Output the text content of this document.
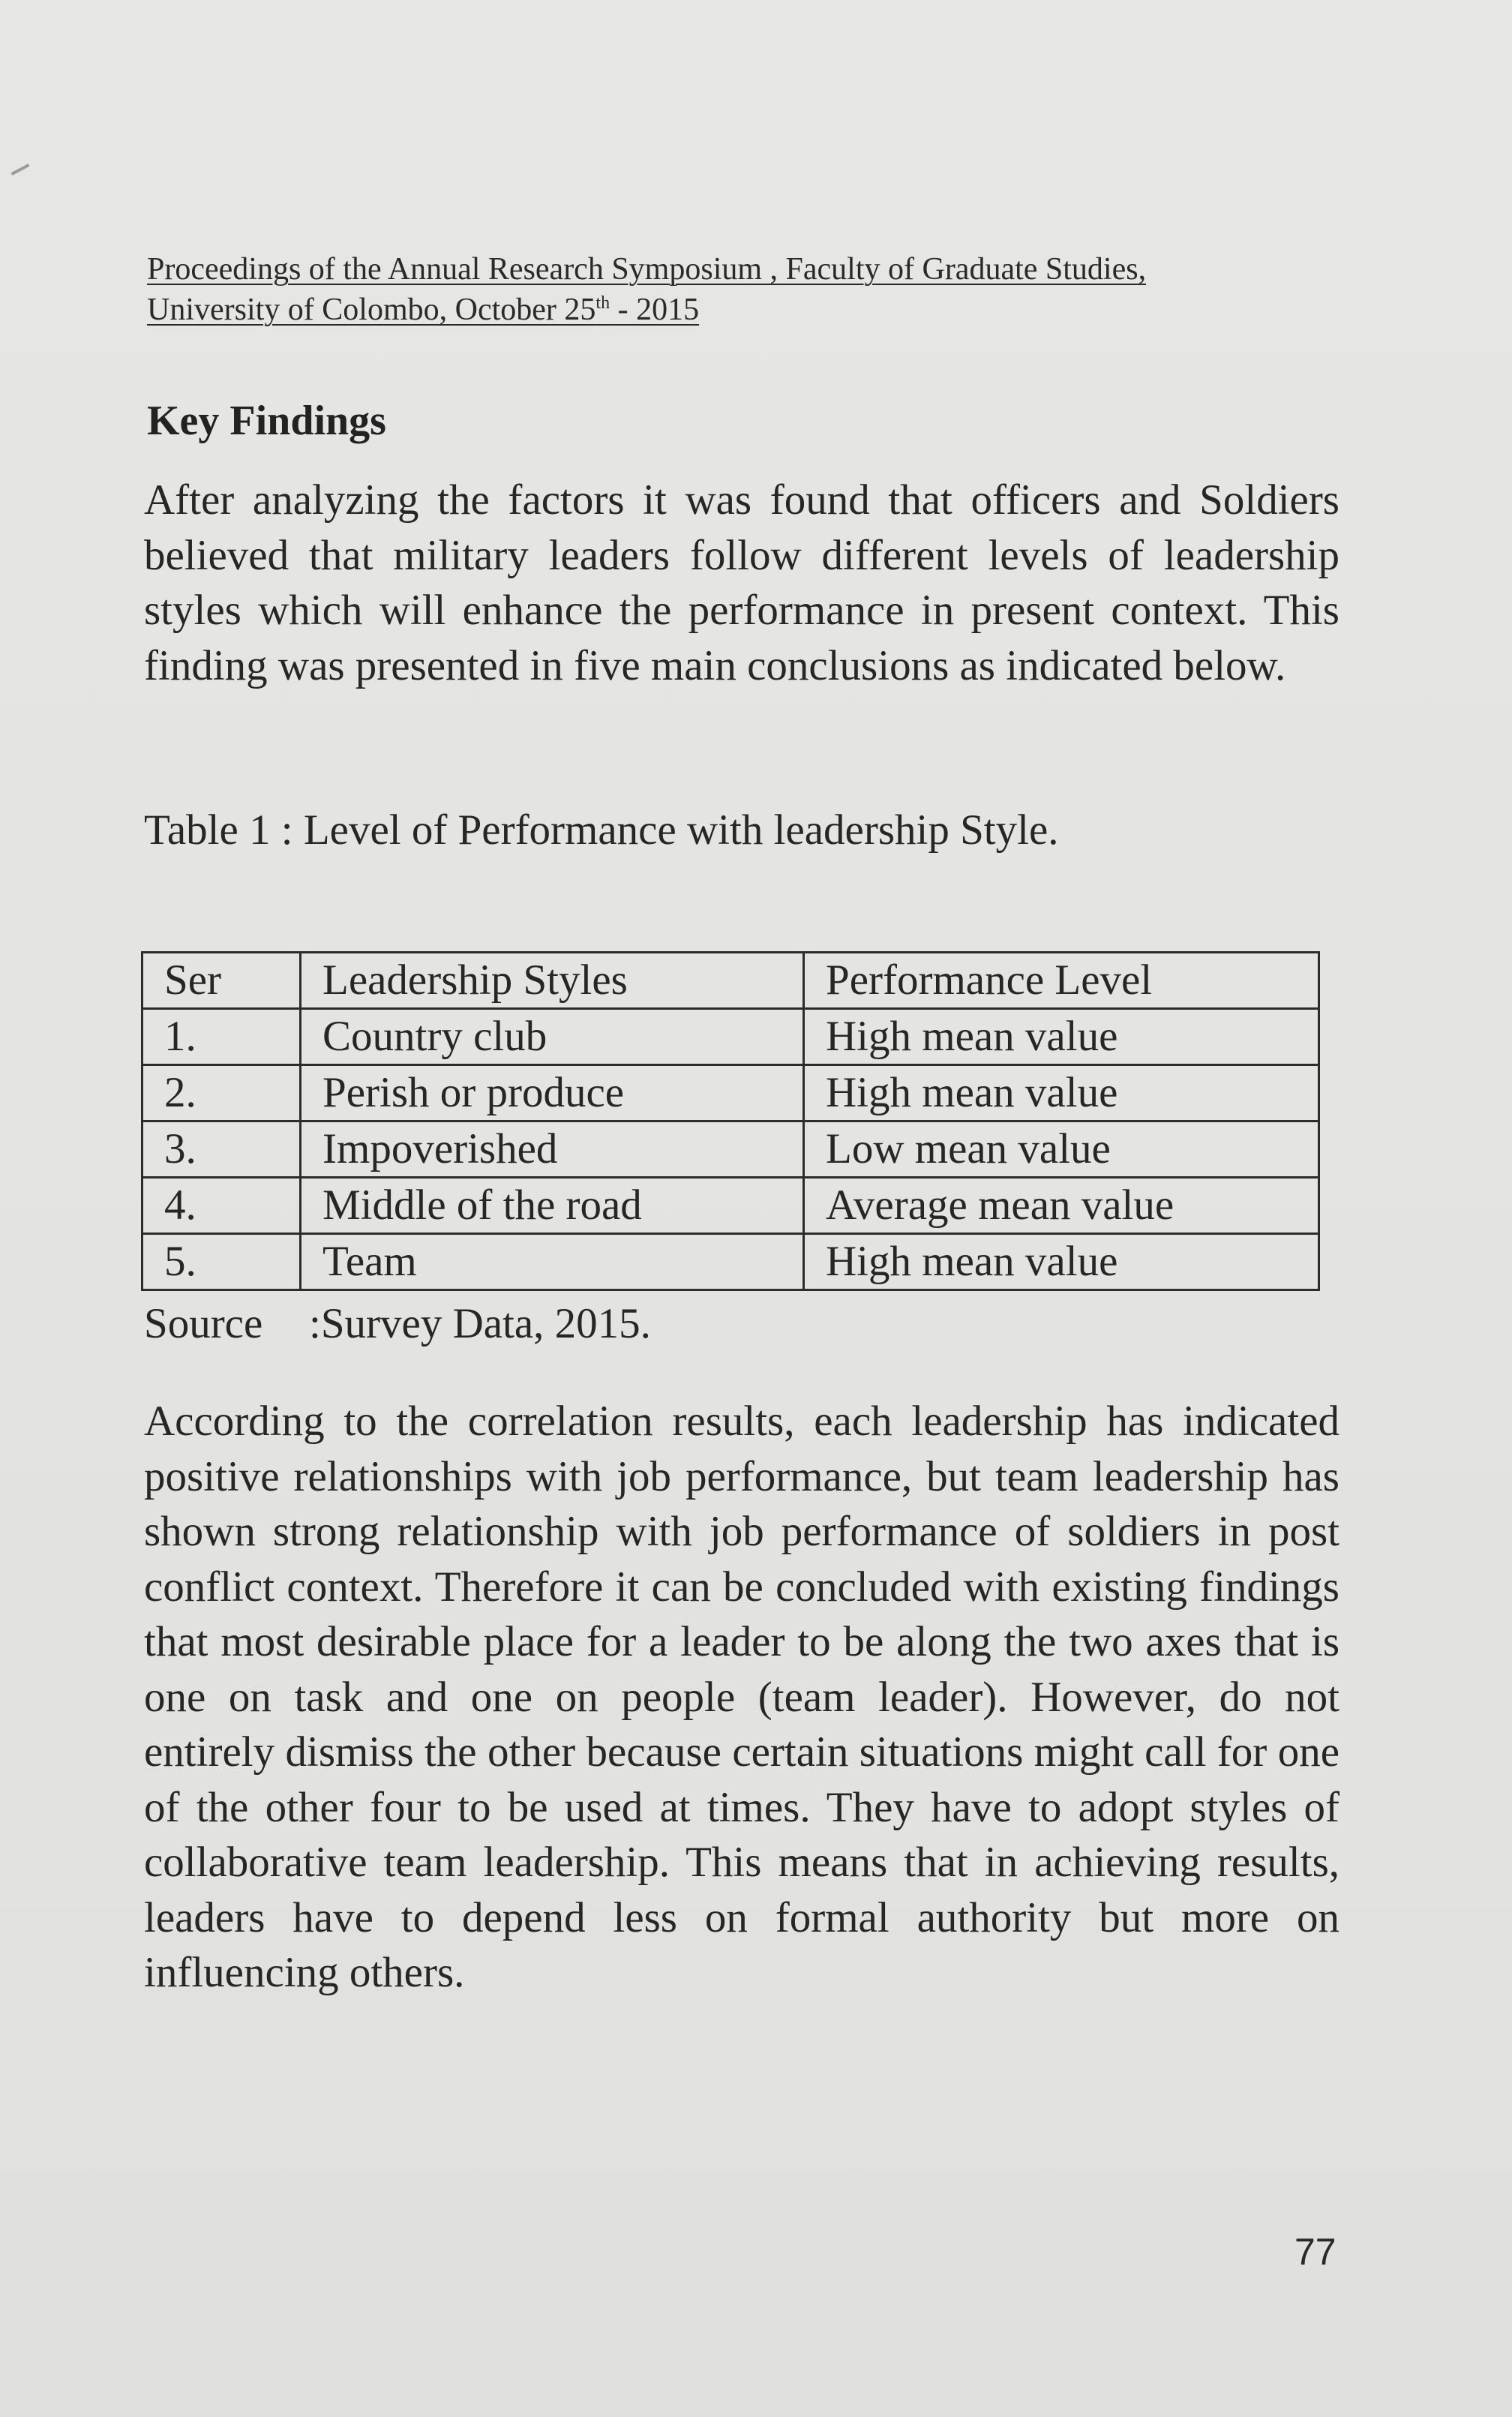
Proceedings of the Annual Research Symposium , Faculty of Graduate Studies,
University of Colombo, October 25th - 2015
Key Findings

After analyzing the factors it was found that officers and Soldiers believed that military leaders follow different levels of leadership styles which will enhance the performance in present context. This finding was presented in five main conclusions as indicated below.

Table 1 : Level of Performance with leadership Style.

Ser	Leadership Styles	Performance Level
1.	Country club	High mean value
2.	Perish or produce	High mean value
3.	Impoverished	Low mean value
4.	Middle of the road	Average mean value
5.	Team	High mean value

Source :Survey Data, 2015.

According to the correlation results, each leadership has indicated positive relationships with job performance, but team leadership has shown strong relationship with job performance of soldiers in post conflict context. Therefore it can be concluded with existing findings that most desirable place for a leader to be along the two axes that is one on task and one on people (team leader). However, do not entirely dismiss the other because certain situations might call for one of the other four to be used at times. They have to adopt styles of collaborative team leadership. This means that in achieving results, leaders have to depend less on formal authority but more on influencing others.

77
